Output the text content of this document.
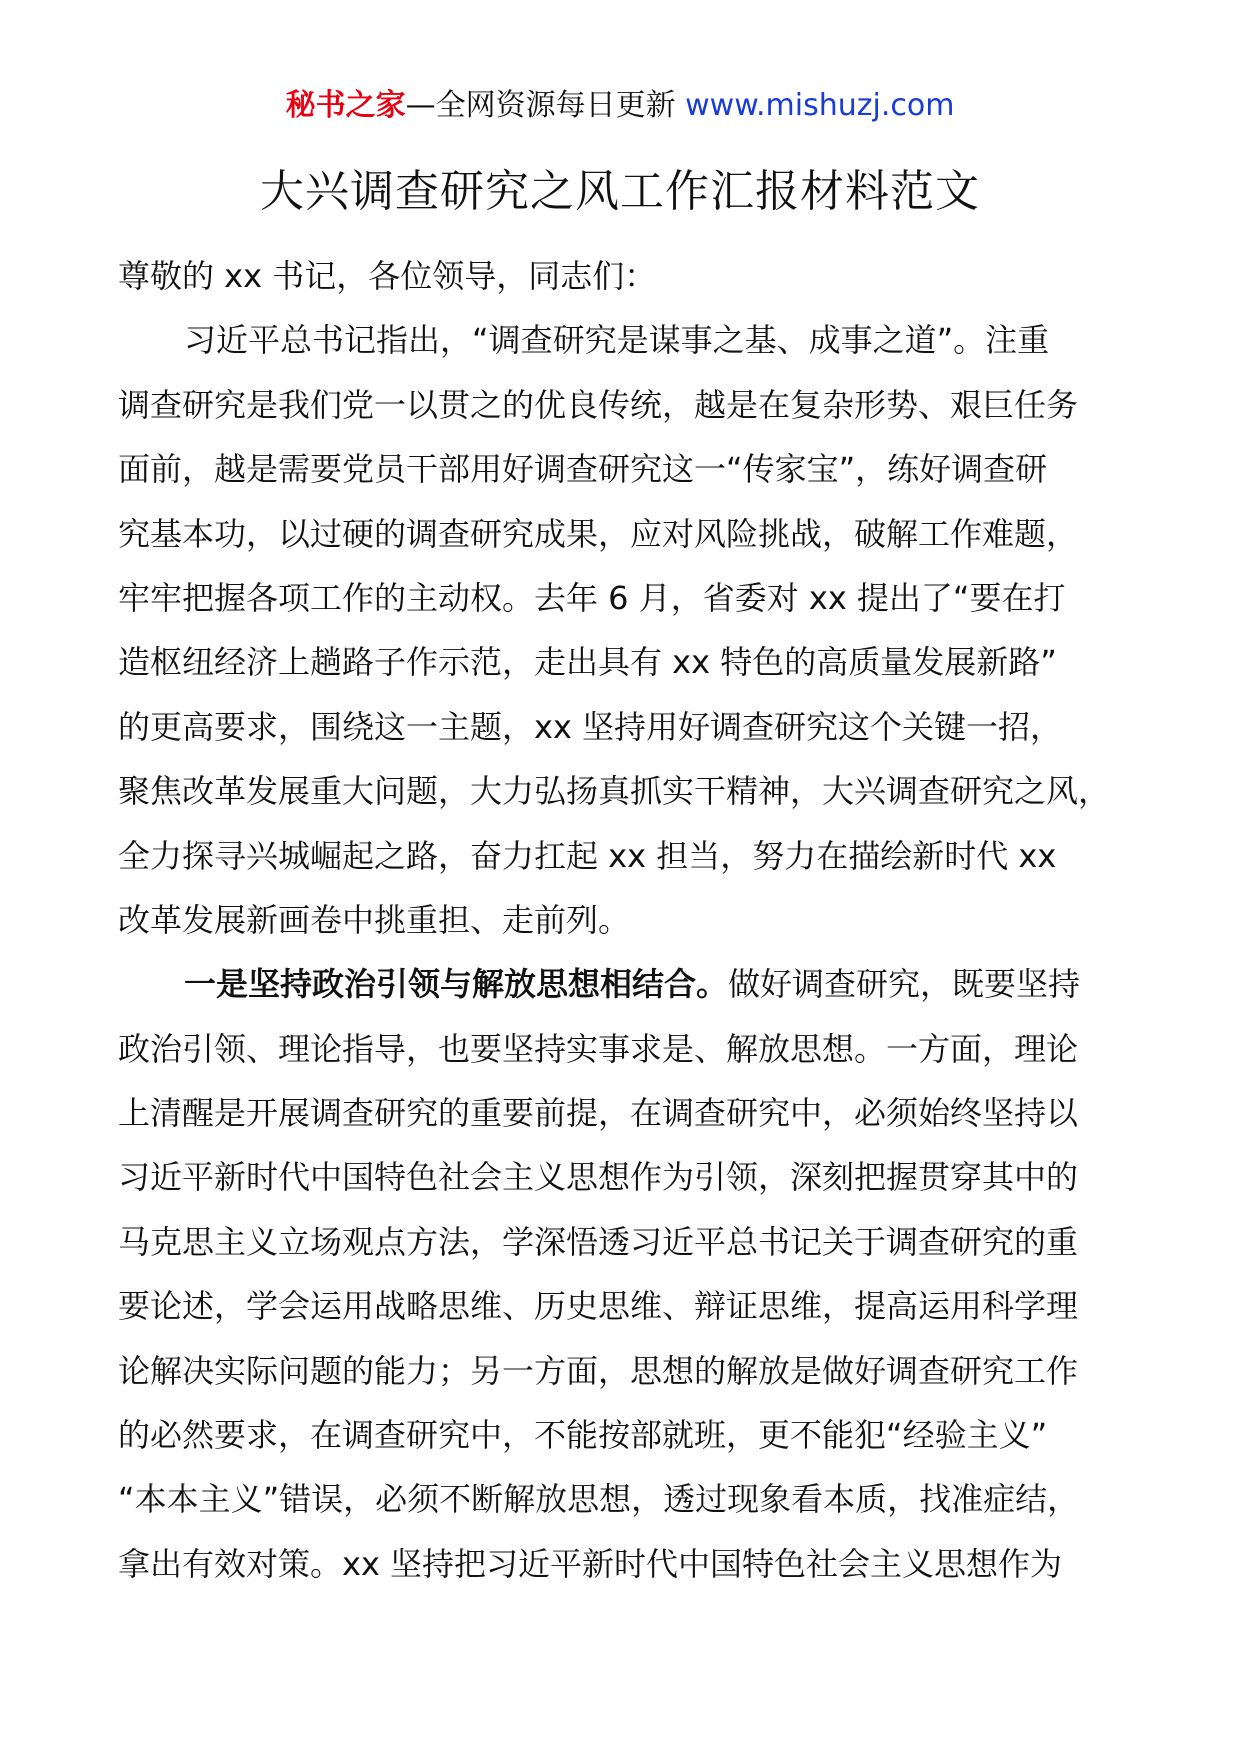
秘书之家—全网资源每日更新 www.mishuzj.com
大兴调查研究之风工作汇报材料范文

尊敬的 xx 书记，各位领导，同志们：

习近平总书记指出，“调查研究是谋事之基、成事之道”。注重

调查研究是我们党一以贯之的优良传统，越是在复杂形势、艰巨任务

面前，越是需要党员干部用好调查研究这一“传家宝”，练好调查研

究基本功，以过硬的调查研究成果，应对风险挑战，破解工作难题，

牢牢把握各项工作的主动权。去年 6 月，省委对 xx 提出了“要在打

造枢纽经济上趟路子作示范，走出具有 xx 特色的高质量发展新路”

的更高要求，围绕这一主题，xx 坚持用好调查研究这个关键一招，

聚焦改革发展重大问题，大力弘扬真抓实干精神，大兴调查研究之风，

全力探寻兴城崛起之路，奋力扛起 xx 担当，努力在描绘新时代 xx

改革发展新画卷中挑重担、走前列。

一是坚持政治引领与解放思想相结合。做好调查研究，既要坚持

政治引领、理论指导，也要坚持实事求是、解放思想。一方面，理论

上清醒是开展调查研究的重要前提，在调查研究中，必须始终坚持以

习近平新时代中国特色社会主义思想作为引领，深刻把握贯穿其中的

马克思主义立场观点方法，学深悟透习近平总书记关于调查研究的重

要论述，学会运用战略思维、历史思维、辩证思维，提高运用科学理

论解决实际问题的能力；另一方面，思想的解放是做好调查研究工作

的必然要求，在调查研究中，不能按部就班，更不能犯“经验主义”

“本本主义”错误，必须不断解放思想，透过现象看本质，找准症结，

拿出有效对策。xx 坚持把习近平新时代中国特色社会主义思想作为
